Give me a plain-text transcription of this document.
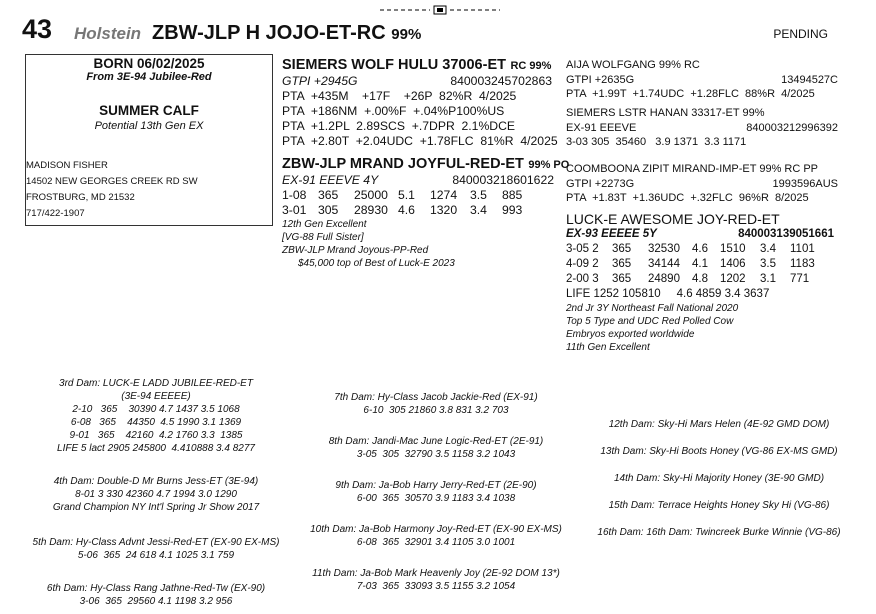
43 Holstein ZBW-JLP H JOJO-ET-RC 99%	PENDING
BORN 06/02/2025
From 3E-94 Jubilee-Red
SUMMER CALF
Potential 13th Gen EX
MADISON FISHER
14502 NEW GEORGES CREEK RD SW
FROSTBURG, MD 21532
717/422-1907
SIEMERS WOLF HULU 37006-ET RC 99%
GTPI +2945G	840003245702863
PTA  +435M    +17F    +26P  82%R  4/2025
PTA  +186NM  +.00%F  +.04%P100%US
PTA  +1.2PL  2.89SCS  +.7DPR  2.1%DCE
PTA  +2.80T  +2.04UDC  +1.78FLC  81%R  4/2025
ZBW-JLP MRAND JOYFUL-RED-ET 99% PO
EX-91 EEEVE 4Y	840003218601622
1-08 365	25000 5.1	1274	3.5	885
3-01 305	28930 4.6	1320	3.4	993
12th Gen Excellent
[VG-88 Full Sister]
ZBW-JLP Mrand Joyous-PP-Red
$45,000 top of Best of Luck-E 2023
AIJA WOLFGANG 99% RC
GTPI +2635G	13494527C
PTA  +1.99T  +1.74UDC  +1.28FLC  88%R  4/2025
SIEMERS LSTR HANAN 33317-ET 99%
EX-91 EEEVE	840003212996392
3-03 305  35460   3.9 1371  3.3 1171
COOMBOONA ZIPIT MIRAND-IMP-ET 99% RC PP
GTPI +2273G	1993596AUS
PTA  +1.83T  +1.36UDC  +.32FLC  96%R  8/2025
LUCK-E AWESOME JOY-RED-ET
EX-93 EEEEE 5Y	840003139051661
3-05 2	365	32530	4.6	1510	3.4	1101
4-09 2	365	34144	4.1	1406	3.5	1183
2-00 3	365	24890	4.8	1202	3.1	771
LIFE 1252 105810     4.6 4859 3.4 3637
2nd Jr 3Y Northeast Fall National 2020
Top 5 Type and UDC Red Polled Cow
Embryos exported worldwide
11th Gen Excellent
3rd Dam: LUCK-E LADD JUBILEE-RED-ET
(3E-94 EEEEE)
2-10   365    30390 4.7 1437 3.5 1068
6-08   365    44350  4.5 1990 3.1 1369
9-01   365    42160  4.2 1760 3.3  1385
LIFE 5 lact 2905 245800  4.410888 3.4 8277
4th Dam: Double-D Mr Burns Jess-ET (3E-94)
8-01 3 330 42360 4.7 1994 3.0 1290
Grand Champion NY Int'l Spring Jr Show 2017
5th Dam: Hy-Class Advnt Jessi-Red-ET (EX-90 EX-MS)
5-06  365  24 618 4.1 1025 3.1 759
6th Dam: Hy-Class Rang Jathne-Red-Tw (EX-90)
3-06  365  29560 4.1 1198 3.2 956
7th Dam: Hy-Class Jacob Jackie-Red (EX-91)
6-10  305 21860 3.8 831 3.2 703
8th Dam: Jandi-Mac June Logic-Red-ET (2E-91)
3-05  305  32790 3.5 1158 3.2 1043
9th Dam: Ja-Bob Harry Jerry-Red-ET (2E-90)
6-00  365  30570 3.9 1183 3.4 1038
10th Dam: Ja-Bob Harmony Joy-Red-ET (EX-90 EX-MS)
6-08  365  32901 3.4 1105 3.0 1001
11th Dam: Ja-Bob Mark Heavenly Joy (2E-92 DOM 13*)
7-03  365  33093 3.5 1155 3.2 1054
12th Dam: Sky-Hi Mars Helen (4E-92 GMD DOM)
13th Dam: Sky-Hi Boots Honey (VG-86 EX-MS GMD)
14th Dam: Sky-Hi Majority Honey (3E-90 GMD)
15th Dam: Terrace Heights Honey Sky Hi (VG-86)
16th Dam: 16th Dam: Twincreek Burke Winnie (VG-86)
